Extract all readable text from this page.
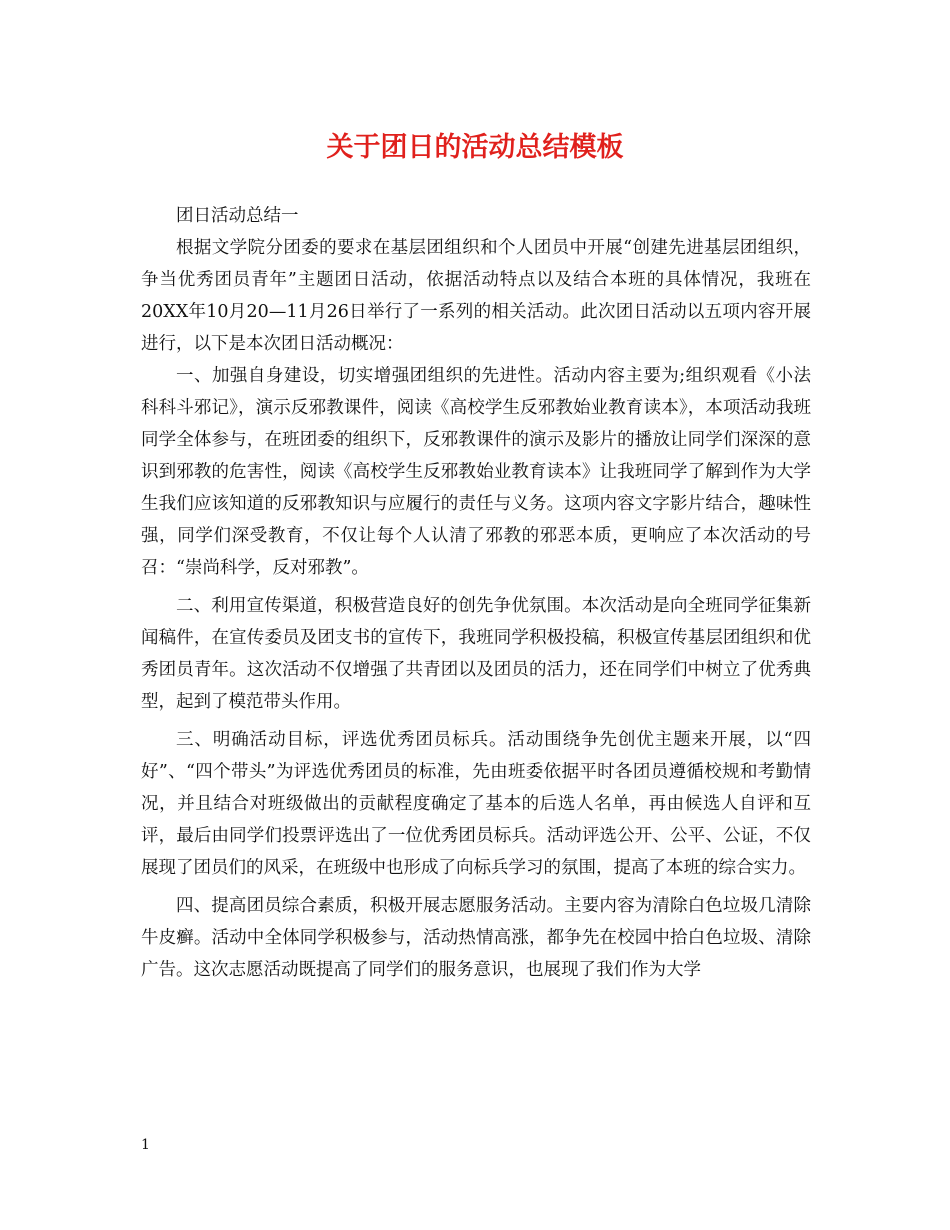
关于团日的活动总结模板

团日活动总结一

根据文学院分团委的要求在基层团组织和个人团员中开展“创建先进基层团组织，争当优秀团员青年”主题团日活动，依据活动特点以及结合本班的具体情况，我班在20XX年10月20—11月26日举行了一系列的相关活动。此次团日活动以五项内容开展进行，以下是本次团日活动概况：

一、加强自身建设，切实增强团组织的先进性。活动内容主要为;组织观看《小法科科斗邪记》，演示反邪教课件，阅读《高校学生反邪教始业教育读本》，本项活动我班同学全体参与，在班团委的组织下，反邪教课件的演示及影片的播放让同学们深深的意识到邪教的危害性，阅读《高校学生反邪教始业教育读本》让我班同学了解到作为大学生我们应该知道的反邪教知识与应履行的责任与义务。这项内容文字影片结合，趣味性强，同学们深受教育，不仅让每个人认清了邪教的邪恶本质，更响应了本次活动的号召：“崇尚科学，反对邪教”。

二、利用宣传渠道，积极营造良好的创先争优氛围。本次活动是向全班同学征集新闻稿件，在宣传委员及团支书的宣传下，我班同学积极投稿，积极宣传基层团组织和优秀团员青年。这次活动不仅增强了共青团以及团员的活力，还在同学们中树立了优秀典型，起到了模范带头作用。

三、明确活动目标，评选优秀团员标兵。活动围绕争先创优主题来开展，以“四好”、“四个带头”为评选优秀团员的标准，先由班委依据平时各团员遵循校规和考勤情况，并且结合对班级做出的贡献程度确定了基本的后选人名单，再由候选人自评和互评，最后由同学们投票评选出了一位优秀团员标兵。活动评选公开、公平、公证，不仅展现了团员们的风采，在班级中也形成了向标兵学习的氛围，提高了本班的综合实力。

四、提高团员综合素质，积极开展志愿服务活动。主要内容为清除白色垃圾几清除牛皮癣。活动中全体同学积极参与，活动热情高涨，都争先在校园中拾白色垃圾、清除广告。这次志愿活动既提高了同学们的服务意识，也展现了我们作为大学

1
